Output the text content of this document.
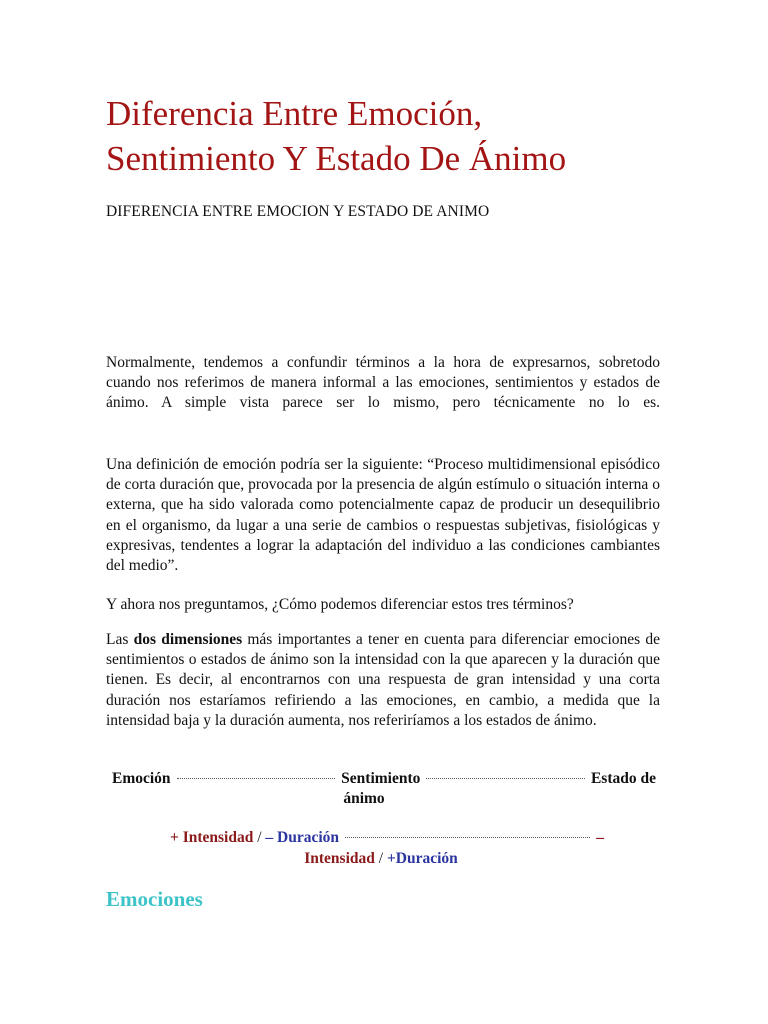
Diferencia Entre Emoción,
Sentimiento Y Estado De Ánimo

DIFERENCIA ENTRE EMOCION Y ESTADO DE ANIMO

Normalmente, tendemos a confundir términos a la hora de expresarnos, sobretodo cuando nos referimos de manera informal a las emociones, sentimientos y estados de ánimo. A simple vista parece ser lo mismo, pero técnicamente no lo es.

Una definición de emoción podría ser la siguiente: “Proceso multidimensional episódico de corta duración que, provocada por la presencia de algún estímulo o situación interna o externa, que ha sido valorada como potencialmente capaz de producir un desequilibrio en el organismo, da lugar a una serie de cambios o respuestas subjetivas, fisiológicas y expresivas, tendentes a lograr la adaptación del individuo a las condiciones cambiantes del medio”.

Y ahora nos preguntamos, ¿Cómo podemos diferenciar estos tres términos?

Las dos dimensiones más importantes a tener en cuenta para diferenciar emociones de sentimientos o estados de ánimo son la intensidad con la que aparecen y la duración que tienen. Es decir, al encontrarnos con una respuesta de gran intensidad y una corta duración nos estaríamos refiriendo a las emociones, en cambio, a medida que la intensidad baja y la duración aumenta, nos referiríamos a los estados de ánimo.

Emoción	Sentimiento	Estado de
ánimo
+ Intensidad / – Duración	–
Intensidad / +Duración
Emociones
